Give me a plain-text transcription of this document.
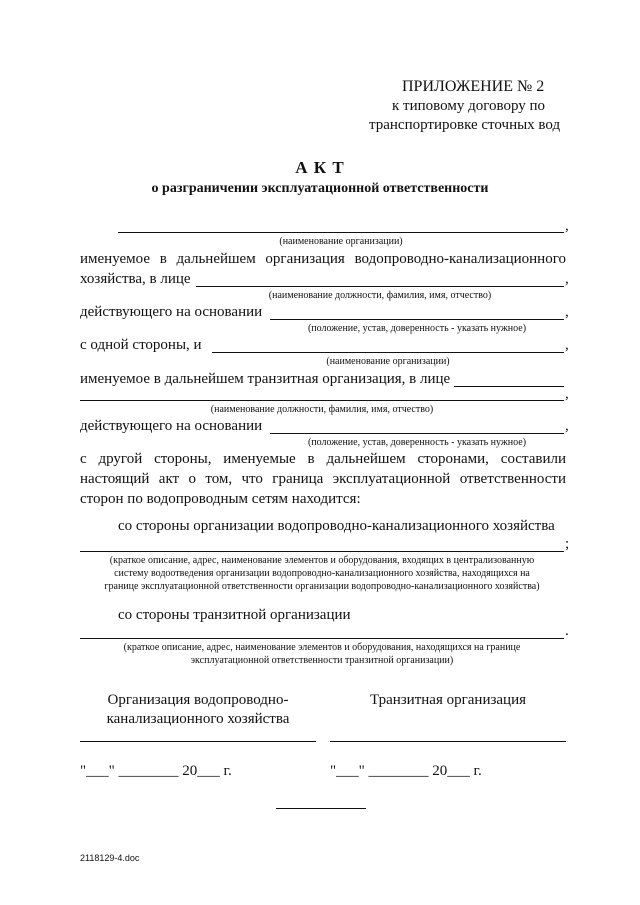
ПРИЛОЖЕНИЕ № 2
к типовому договору по
транспортировке сточных вод
А К Т
о разграничении эксплуатационной ответственности
,
(наименование организации)
именуемое в дальнейшем организация водопроводно-канализационного
хозяйства, в лице	,
(наименование должности, фамилия, имя, отчество)
действующего на основании	,
(положение, устав, доверенность - указать нужное)
с одной стороны, и	,
(наименование организации)
именуемое в дальнейшем транзитная организация, в лице
,
(наименование должности, фамилия, имя, отчество)
действующего на основании	,
(положение, устав, доверенность - указать нужное)
с другой стороны, именуемые в дальнейшем сторонами, составили
настоящий акт о том, что граница эксплуатационной ответственности
сторон по водопроводным сетям находится:
со стороны организации водопроводно-канализационного хозяйства
;
(краткое описание, адрес, наименование элементов и оборудования, входящих в централизованную
систему водоотведения организации водопроводно-канализационного хозяйства, находящихся на
границе эксплуатационной ответственности организации водопроводно-канализационного хозяйства)
со стороны транзитной организации
.
(краткое описание, адрес, наименование элементов и оборудования, находящихся на границе
эксплуатационной ответственности транзитной организации)
Организация водопроводно-
канализационного хозяйства
Транзитная организация
"___" ________ 20___ г.	"___" ________ 20___ г.
2118129-4.doc
